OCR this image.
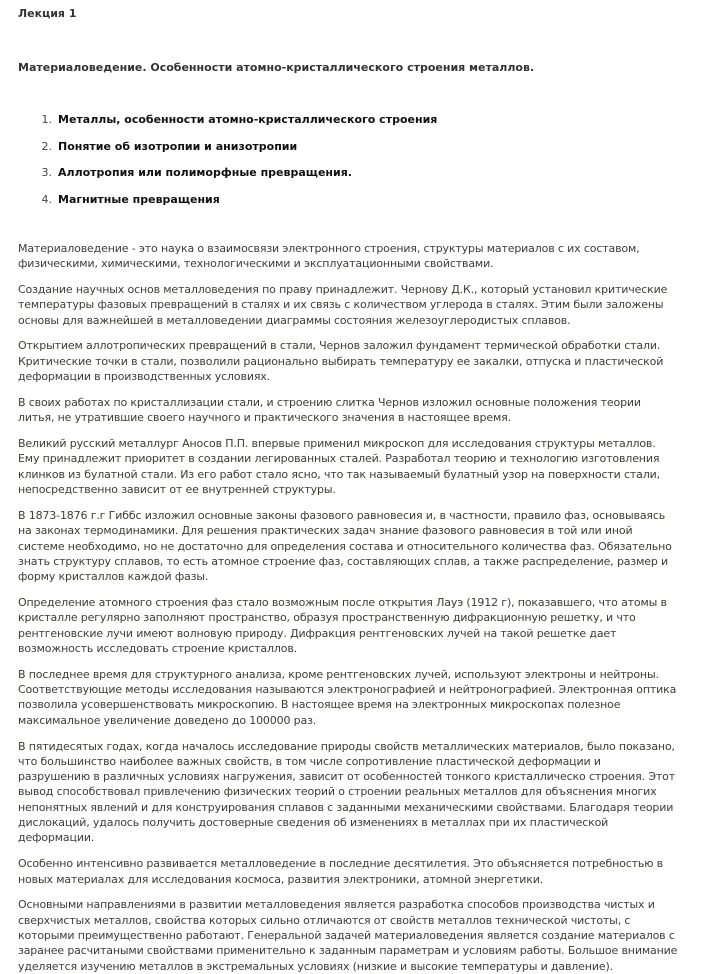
Лекция 1

Материаловедение. Особенности атомно-кристаллического строения металлов.

1. Металлы, особенности атомно-кристаллического строения
2. Понятие об изотропии и анизотропии
3. Аллотропия или полиморфные превращения.
4. Магнитные превращения

Материаловедение - это наука о взаимосвязи электронного строения, структуры материалов с их составом,
физическими, химическими, технологическими и эксплуатационными свойствами.

Создание научных основ металловедения по праву принадлежит. Чернову Д.К., который установил критические
температуры фазовых превращений в сталях и их связь с количеством углерода в сталях. Этим были заложены
основы для важнейшей в металловедении диаграммы состояния железоуглеродистых сплавов.

Открытием аллотропических превращений в стали, Чернов заложил фундамент термической обработки стали.
Критические точки в стали, позволили рационально выбирать температуру ее закалки, отпуска и пластической
деформации в производственных условиях.

В своих работах по кристаллизации стали, и строению слитка Чернов изложил основные положения теории
литья, не утратившие своего научного и практического значения в настоящее время.

Великий русский металлург Аносов П.П. впервые применил микроскоп для исследования структуры металлов.
Ему принадлежит приоритет в создании легированных сталей. Разработал теорию и технологию изготовления
клинков из булатной стали. Из его работ стало ясно, что так называемый булатный узор на поверхности стали,
непосредственно зависит от ее внутренней структуры.

В 1873-1876 г.г Гиббс изложил основные законы фазового равновесия и, в частности, правило фаз, основываясь
на законах термодинамики. Для решения практических задач знание фазового равновесия в той или иной
системе необходимо, но не достаточно для определения состава и относительного количества фаз. Обязательно
знать структуру сплавов, то есть атомное строение фаз, составляющих сплав, а также распределение, размер и
форму кристаллов каждой фазы.

Определение атомного строения фаз стало возможным после открытия Лауэ (1912 г), показавшего, что атомы в
кристалле регулярно заполняют пространство, образуя пространственную дифракционную решетку, и что
рентгеновские лучи имеют волновую природу. Дифракция рентгеновских лучей на такой решетке дает
возможность исследовать строение кристаллов.

В последнее время для структурного анализа, кроме рентгеновских лучей, используют электроны и нейтроны.
Соответствующие методы исследования называются электронографией и нейтронографией. Электронная оптика
позволила усовершенствовать микроскопию. В настоящее время на электронных микроскопах полезное
максимальное увеличение доведено до 100000 раз.

В пятидесятых годах, когда началось исследование природы свойств металлических материалов, было показано,
что большинство наиболее важных свойств, в том числе сопротивление пластической деформации и
разрушению в различных условиях нагружения, зависит от особенностей тонкого кристаллическо строения. Этот
вывод способствовал привлечению физических теорий о строении реальных металлов для объяснения многих
непонятных явлений и для конструирования сплавов с заданными механическими свойствами. Благодаря теории
дислокаций, удалось получить достоверные сведения об изменениях в металлах при их пластической
деформации.

Особенно интенсивно развивается металловедение в последние десятилетия. Это объясняется потребностью в
новых материалах для исследования космоса, развития электроники, атомной энергетики.

Основными направлениями в развитии металловедения является разработка способов производства чистых и
сверхчистых металлов, свойства которых сильно отличаются от свойств металлов технической чистоты, с
которыми преимущественно работают. Генеральной задачей материаловедения является создание материалов с
заранее расчитаными свойствами применительно к заданным параметрам и условиям работы. Большое внимание
уделяется изучению металлов в экстремальных условиях (низкие и высокие температуры и давление).
